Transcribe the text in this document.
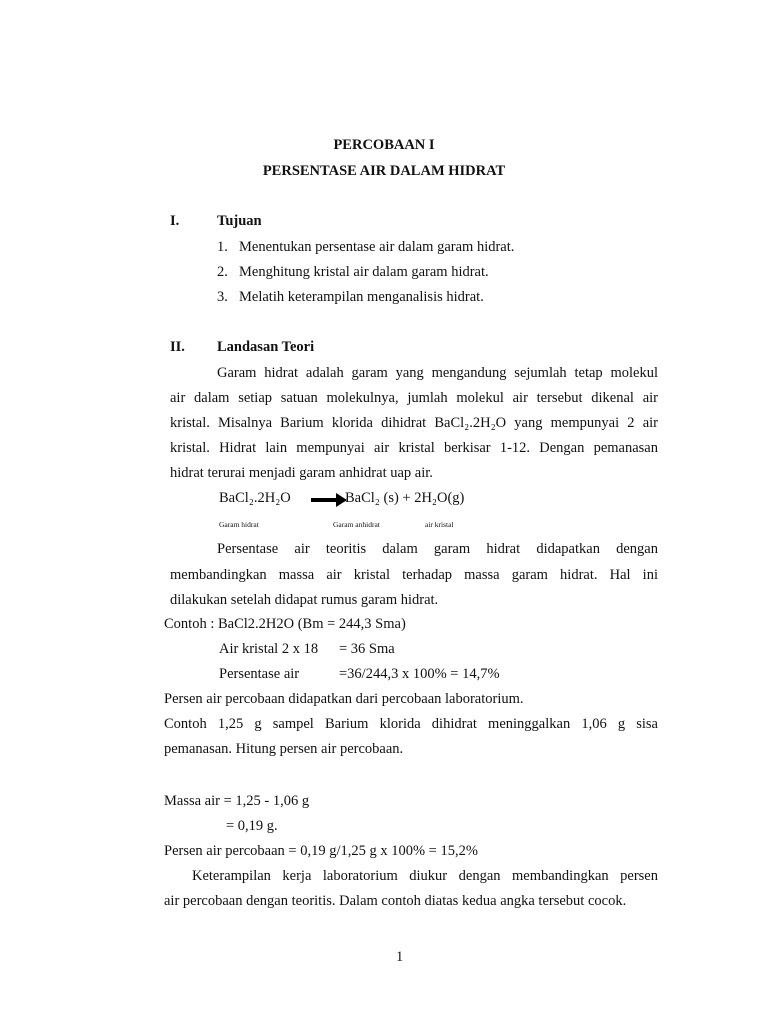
PERCOBAAN I
PERSENTASE AIR DALAM HIDRAT
I.	Tujuan
1. Menentukan persentase air dalam garam hidrat.
2. Menghitung kristal air dalam garam hidrat.
3. Melatih keterampilan menganalisis hidrat.
II. Landasan Teori
Garam hidrat adalah garam yang mengandung sejumlah tetap molekul
air dalam setiap satuan molekulnya, jumlah molekul air tersebut dikenal air
kristal. Misalnya Barium klorida dihidrat BaCl₂.2H₂O yang mempunyai 2 air
kristal. Hidrat lain mempunyai air kristal berkisar 1-12. Dengan pemanasan
hidrat terurai menjadi garam anhidrat uap air.
BaCl₂.2H₂O →
BaCl₂ (s) + 2H₂O(g)
Garam hidrat	Garam anhidrat	air kristal
Persentase air teoritis dalam garam hidrat didapatkan dengan
membandingkan massa air kristal terhadap massa garam hidrat. Hal ini
dilakukan setelah didapat rumus garam hidrat.
Contoh : BaCl2.2H2O (Bm = 244,3 Sma)
Air kristal 2 x 18 = 36 Sma
Persentase air	=36/244,3 x 100% = 14,7%
Persen air percobaan didapatkan dari percobaan laboratorium.
Contoh 1,25 g sampel Barium klorida dihidrat meninggalkan 1,06 g sisa
pemanasan. Hitung persen air percobaan.
Massa air = 1,25 - 1,06 g
= 0,19 g.
Persen air percobaan = 0,19 g/1,25 g x 100% = 15,2%
Keterampilan kerja laboratorium diukur dengan membandingkan persen
air percobaan dengan teoritis. Dalam contoh diatas kedua angka tersebut cocok.
1
